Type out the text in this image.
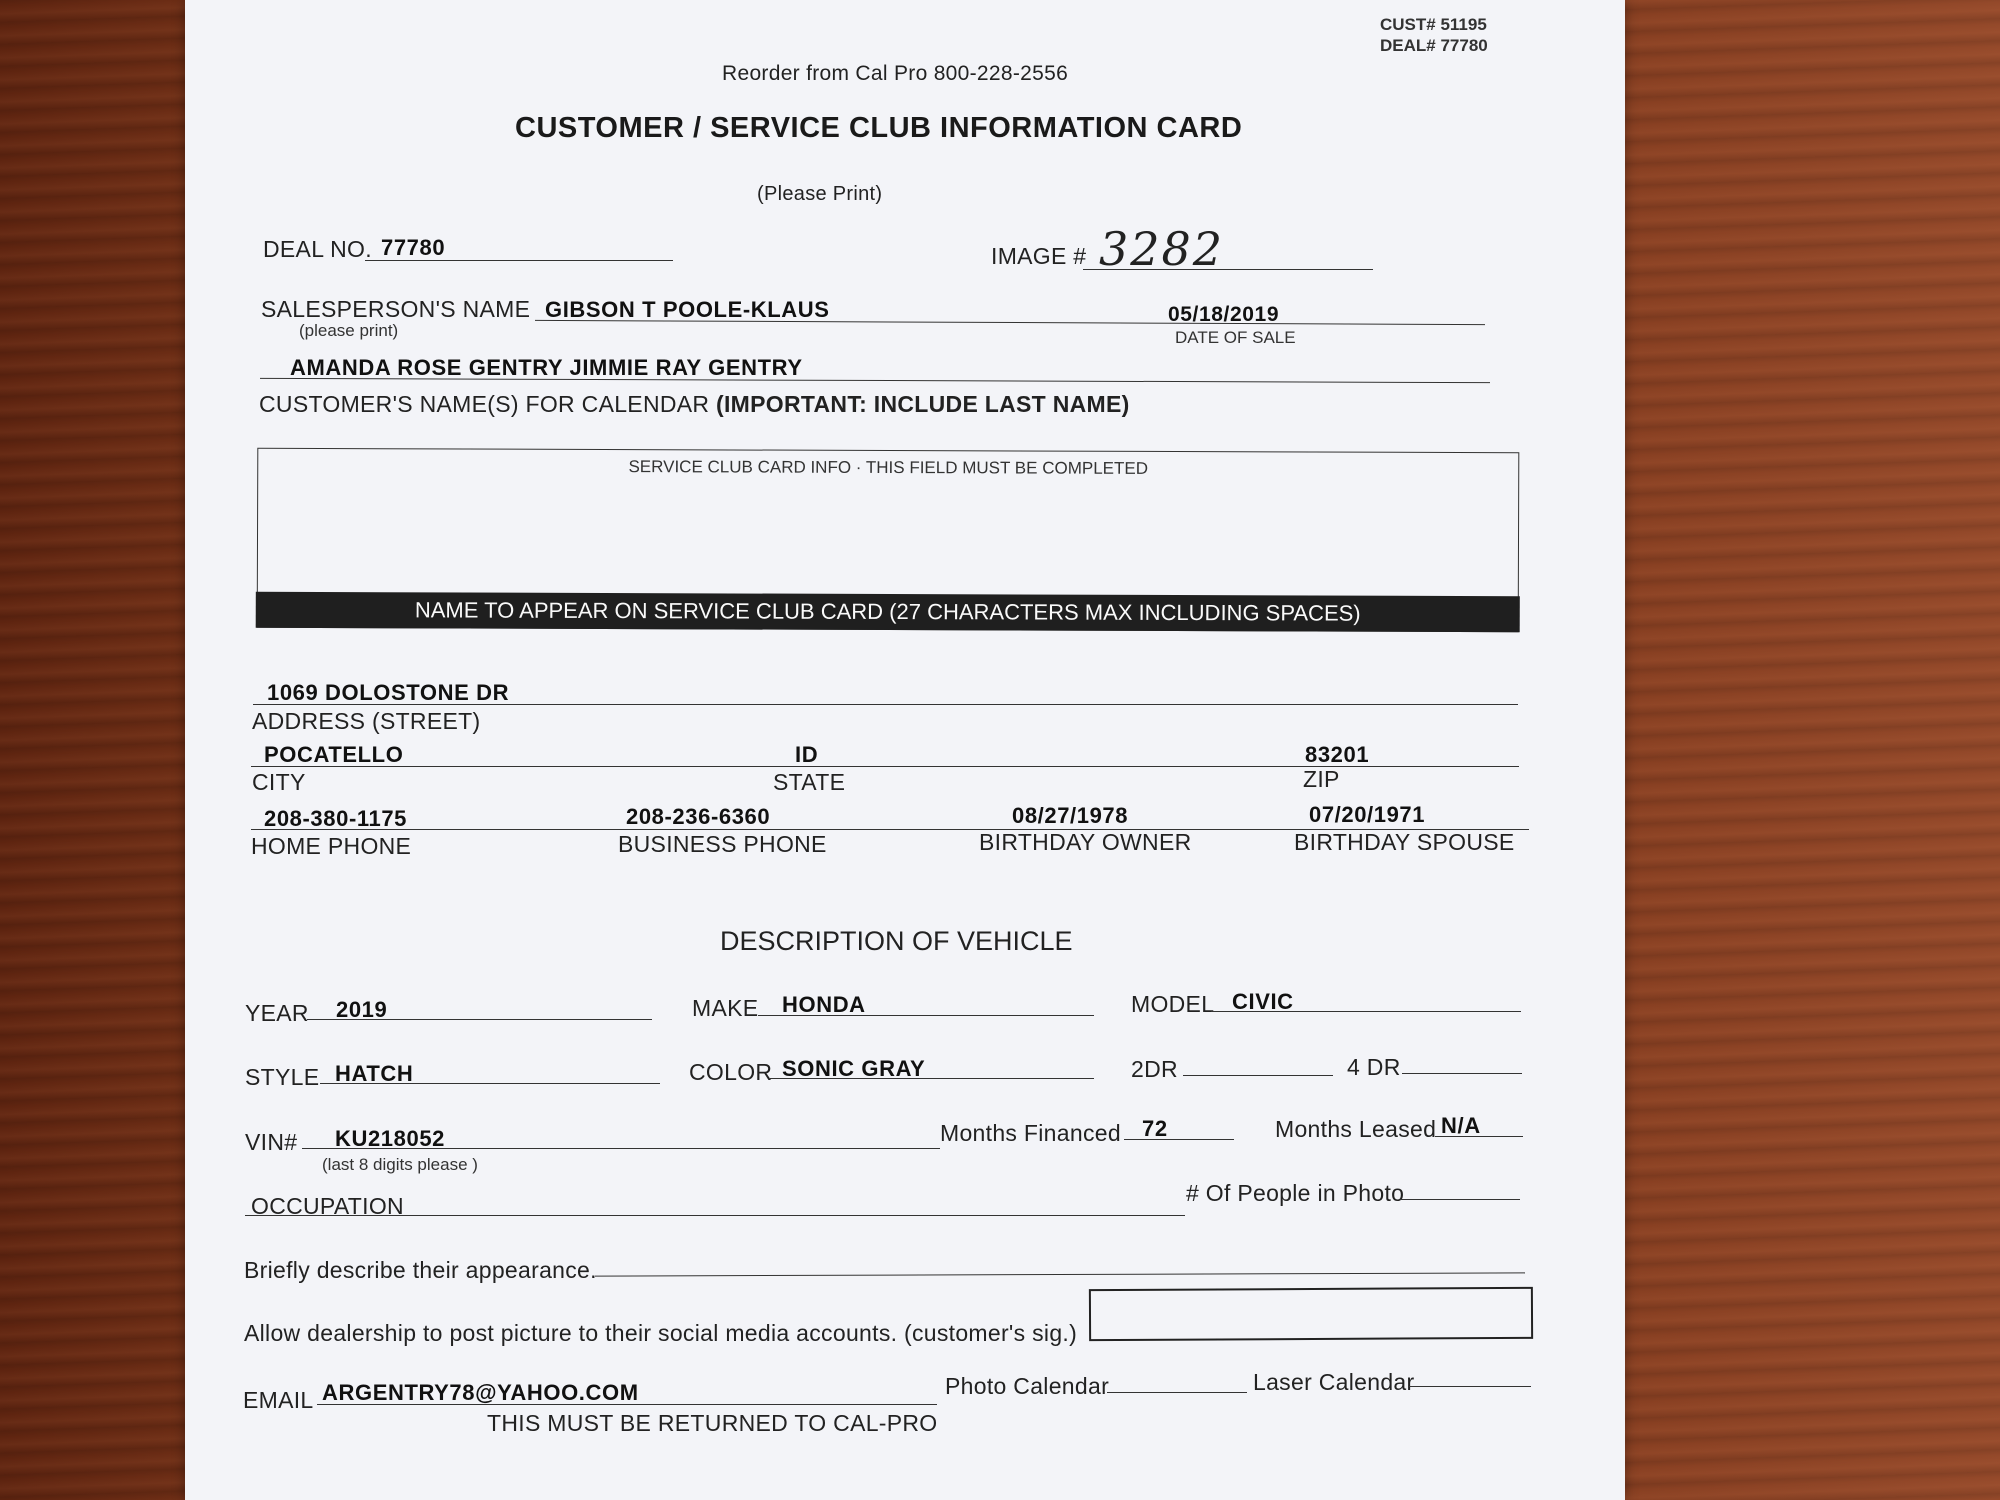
CUST# 51195
DEAL# 77780
Reorder from Cal Pro 800-228-2556
CUSTOMER / SERVICE CLUB INFORMATION CARD
(Please Print)
DEAL NO. 77780	IMAGE # 3282
SALESPERSON'S NAME
(please print)
GIBSON T POOLE-KLAUS	05/18/2019
DATE OF SALE
AMANDA ROSE GENTRY JIMMIE RAY GENTRY
CUSTOMER'S NAME(S) FOR CALENDAR (IMPORTANT: INCLUDE LAST NAME)
SERVICE CLUB CARD INFO · THIS FIELD MUST BE COMPLETED
NAME TO APPEAR ON SERVICE CLUB CARD (27 CHARACTERS MAX INCLUDING SPACES)
1069 DOLOSTONE DR
ADDRESS (STREET)
POCATELLO	ID	83201
CITY	STATE	ZIP
208-380-1175	208-236-6360	08/27/1978	07/20/1971
HOME PHONE	BUSINESS PHONE	BIRTHDAY OWNER	BIRTHDAY SPOUSE
DESCRIPTION OF VEHICLE
YEAR 2019	MAKE HONDA	MODEL CIVIC
STYLE HATCH	COLOR SONIC GRAY	2DR	4 DR
VIN# KU218052
(last 8 digits please )
Months Financed 72	Months Leased N/A
OCCUPATION	# Of People in Photo
Briefly describe their appearance.
Allow dealership to post picture to their social media accounts. (customer's sig.)
EMAIL ARGENTRY78@YAHOO.COM	Photo Calendar	Laser Calendar
THIS MUST BE RETURNED TO CAL-PRO
